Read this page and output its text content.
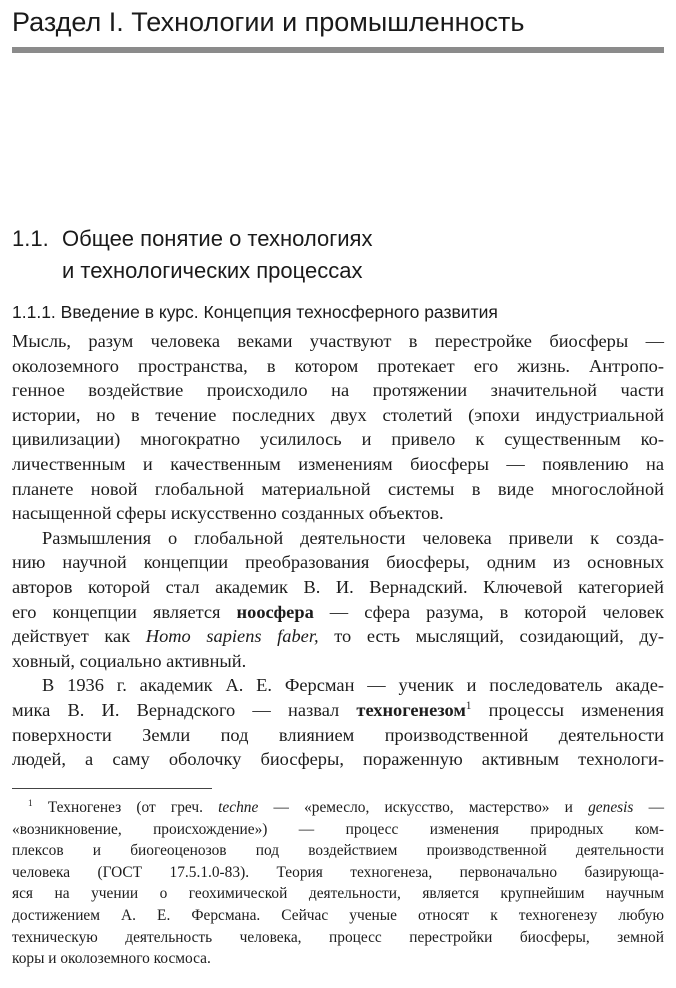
Раздел I. Технологии и промышленность
1.1. Общее понятие о технологиях
и технологических процессах
1.1.1. Введение в курс. Концепция техносферного развития
Мысль, разум человека веками участвуют в перестройке биосферы —
околоземного пространства, в котором протекает его жизнь. Антропо-
генное воздействие происходило на протяжении значительной части
истории, но в течение последних двух столетий (эпохи индустриальной
цивилизации) многократно усилилось и привело к существенным ко-
личественным и качественным изменениям биосферы — появлению на
планете новой глобальной материальной системы в виде многослойной
насыщенной сферы искусственно созданных объектов.
Размышления о глобальной деятельности человека привели к созда-
нию научной концепции преобразования биосферы, одним из основных
авторов которой стал академик В. И. Вернадский. Ключевой категорией
его концепции является ноосфера — сфера разума, в которой человек
действует как Homo sapiens faber, то есть мыслящий, созидающий, ду-
ховный, социально активный.
В 1936 г. академик А. Е. Ферсман — ученик и последователь акаде-
мика В. И. Вернадского — назвал техногенезом$^1$ процессы изменения
поверхности Земли под влиянием производственной деятельности
людей, а саму оболочку биосферы, пораженную активным технологи-
$^1$ Техногенез (от греч. techne — «ремесло, искусство, мастерство» и genesis —
«возникновение, происхождение») — процесс изменения природных ком-
плексов и биогеоценозов под воздействием производственной деятельности
человека (ГОСТ 17.5.1.0-83). Теория техногенеза, первоначально базирующа-
яся на учении о геохимической деятельности, является крупнейшим научным
достижением А. Е. Ферсмана. Сейчас ученые относят к техногенезу любую
техническую деятельность человека, процесс перестройки биосферы, земной
коры и околоземного космоса.
